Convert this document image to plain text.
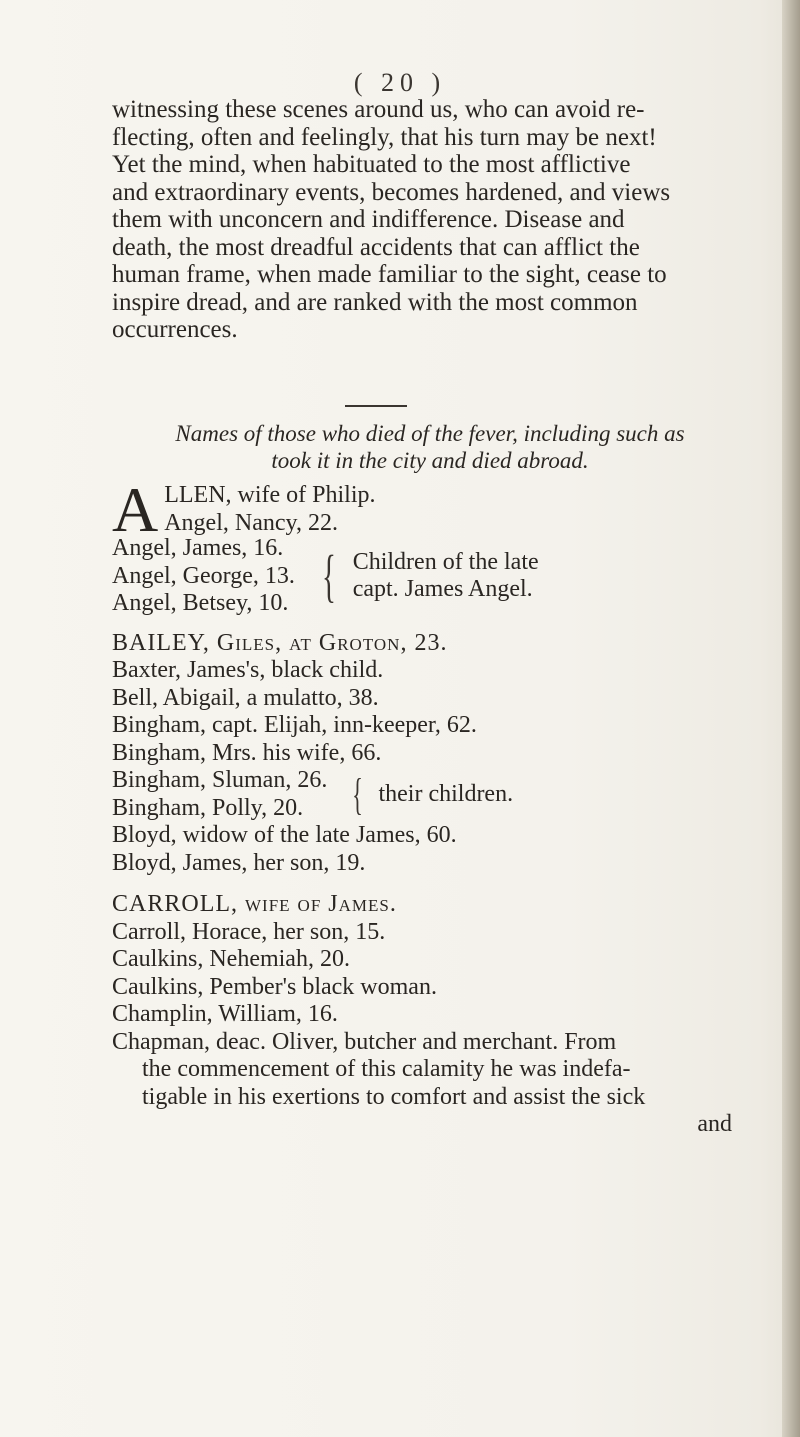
( 20 )

witnessing these scenes around us, who can avoid re-

flecting, often and feelingly, that his turn may be next!

Yet the mind, when habituated to the most afflictive

and extraordinary events, becomes hardened, and views

them with unconcern and indifference. Disease and

death, the most dreadful accidents that can afflict the

human frame, when made familiar to the sight, cease to

inspire dread, and are ranked with the most common

occurrences.

Names of those who died of the fever, including such as
took it in the city and died abroad.
A LLEN, wife of Philip.
Angel, Nancy, 22.
Angel, James, 16.
Angel, George, 13.
Angel, Betsey, 10. { Children of the late
capt. James Angel.
BAILEY, Giles, at Groton, 23.
Baxter, James's, black child.
Bell, Abigail, a mulatto, 38.
Bingham, capt. Elijah, inn-keeper, 62.
Bingham, Mrs. his wife, 66.
Bingham, Sluman, 26.
Bingham, Polly, 20.	{ their children.
Bloyd, widow of the late James, 60.
Bloyd, James, her son, 19.
CARROLL, wife of James.
Carroll, Horace, her son, 15.
Caulkins, Nehemiah, 20.
Caulkins, Pember's black woman.
Champlin, William, 16.
Chapman, deac. Oliver, butcher and merchant. From
the commencement of this calamity he was indefa-
tigable in his exertions to comfort and assist the sick
and
